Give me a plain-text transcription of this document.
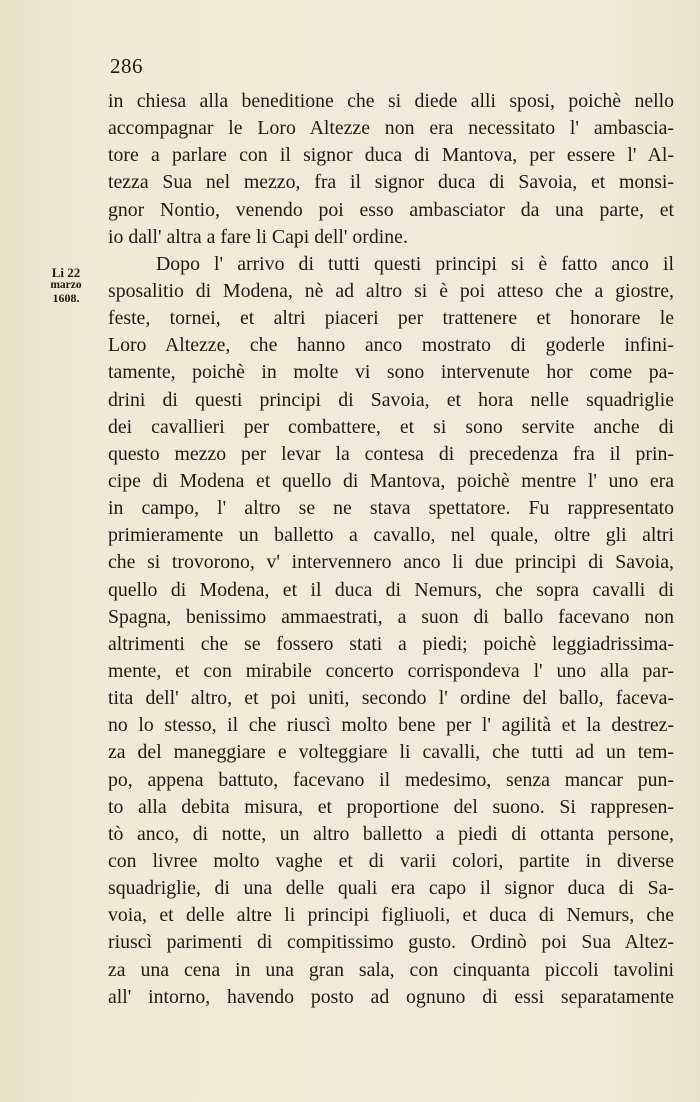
286
Li 22
marzo
1608.
in chiesa alla beneditione che si diede alli sposi, poichè nello
accompagnar le Loro Altezze non era necessitato l' ambascia-
tore a parlare con il signor duca di Mantova, per essere l' Al-
tezza Sua nel mezzo, fra il signor duca di Savoia, et monsi-
gnor Nontio, venendo poi esso ambasciator da una parte, et
io dall' altra a fare li Capi dell' ordine.
Dopo l' arrivo di tutti questi principi si è fatto anco il
sposalitio di Modena, nè ad altro si è poi atteso che a giostre,
feste, tornei, et altri piaceri per trattenere et honorare le
Loro Altezze, che hanno anco mostrato di goderle infini-
tamente, poichè in molte vi sono intervenute hor come pa-
drini di questi principi di Savoia, et hora nelle squadriglie
dei cavallieri per combattere, et si sono servite anche di
questo mezzo per levar la contesa di precedenza fra il prin-
cipe di Modena et quello di Mantova, poichè mentre l' uno era
in campo, l' altro se ne stava spettatore. Fu rappresentato
primieramente un balletto a cavallo, nel quale, oltre gli altri
che si trovorono, v' intervennero anco li due principi di Savoia,
quello di Modena, et il duca di Nemurs, che sopra cavalli di
Spagna, benissimo ammaestrati, a suon di ballo facevano non
altrimenti che se fossero stati a piedi; poichè leggiadrissima-
mente, et con mirabile concerto corrispondeva l' uno alla par-
tita dell' altro, et poi uniti, secondo l' ordine del ballo, faceva-
no lo stesso, il che riuscì molto bene per l' agilità et la destrez-
za del maneggiare e volteggiare li cavalli, che tutti ad un tem-
po, appena battuto, facevano il medesimo, senza mancar pun-
to alla debita misura, et proportione del suono. Si rappresen-
tò anco, di notte, un altro balletto a piedi di ottanta persone,
con livree molto vaghe et di varii colori, partite in diverse
squadriglie, di una delle quali era capo il signor duca di Sa-
voia, et delle altre li principi figliuoli, et duca di Nemurs, che
riuscì parimenti di compitissimo gusto. Ordinò poi Sua Altez-
za una cena in una gran sala, con cinquanta piccoli tavolini
all' intorno, havendo posto ad ognuno di essi separatamente
